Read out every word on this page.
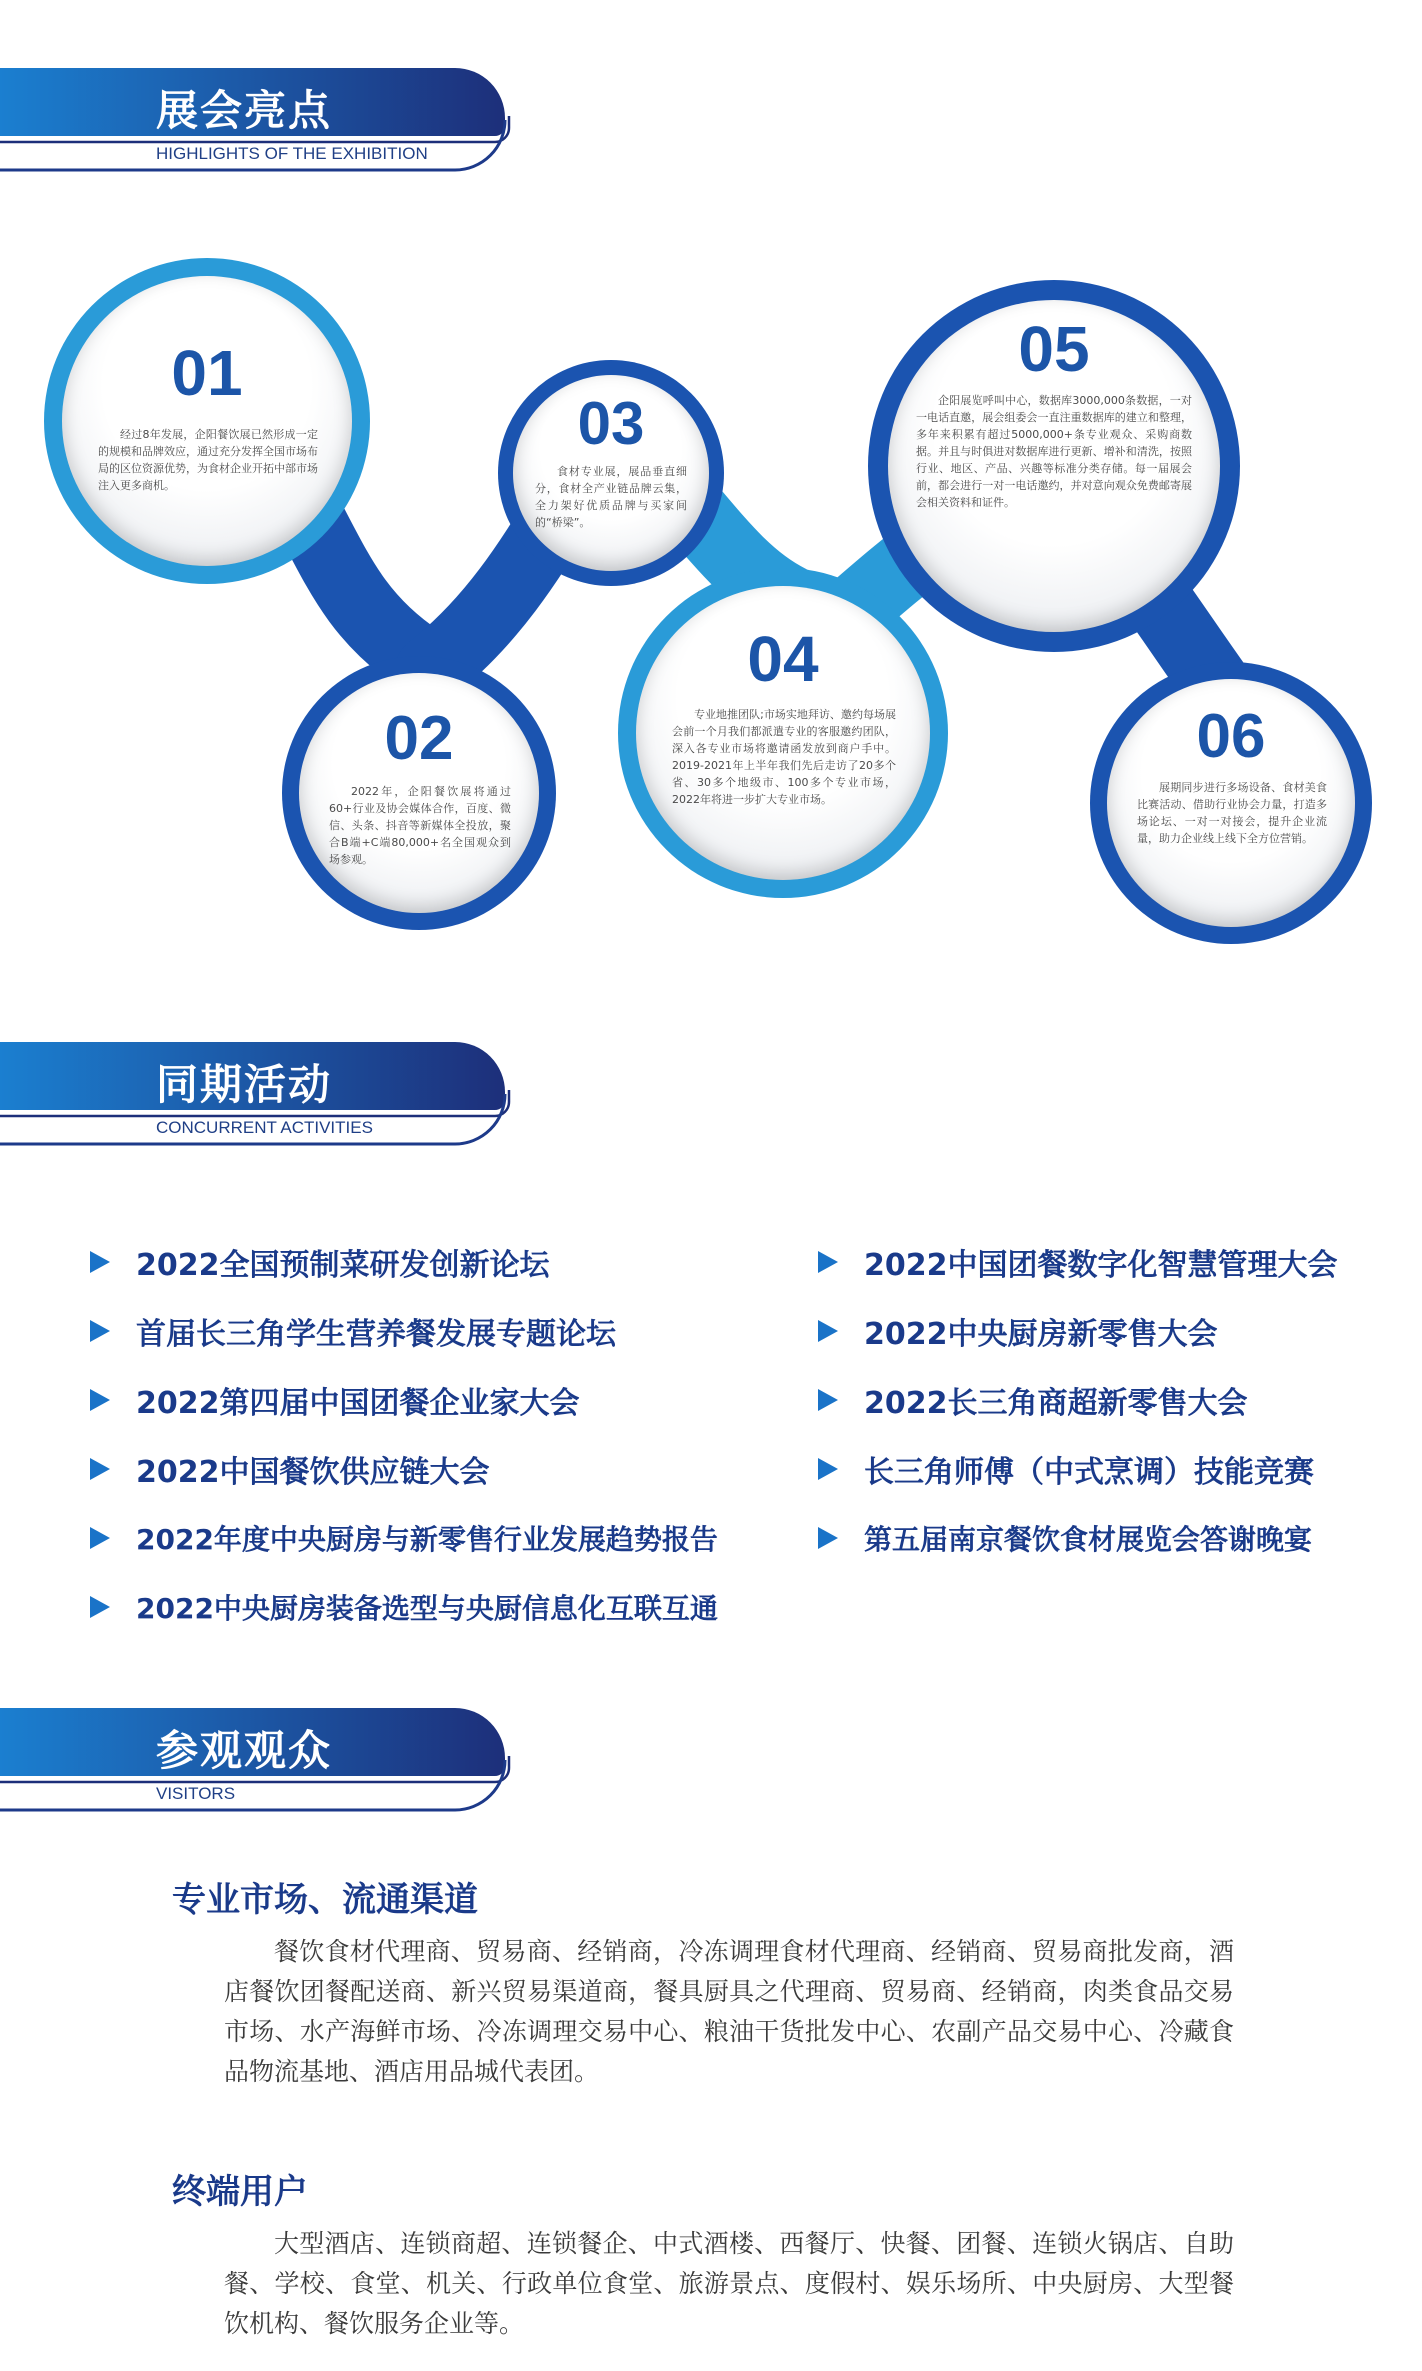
展会亮点
HIGHLIGHTS OF THE EXHIBITION
01
经过8年发展，企阳餐饮展已然形成一定的规模和品牌效应，通过充分发挥全国市场布局的区位资源优势，为食材企业开拓中部市场注入更多商机。
02
2022年，企阳餐饮展将通过60+行业及协会媒体合作，百度、微信、头条、抖音等新媒体全投放，聚合B端+C端80,000+名全国观众到场参观。
03
食材专业展，展品垂直细分，食材全产业链品牌云集，全力架好优质品牌与买家间的“桥梁”。
04
专业地推团队;市场实地拜访、邀约每场展会前一个月我们都派遣专业的客服邀约团队，深入各专业市场将邀请函发放到商户手中。2019-2021年上半年我们先后走访了20多个省、30多个地级市、100多个专业市场，2022年将进一步扩大专业市场。
05
企阳展览呼叫中心，数据库3000,000条数据，一对一电话直邀，展会组委会一直注重数据库的建立和整理，多年来积累有超过5000,000+条专业观众、采购商数据。并且与时俱进对数据库进行更新、增补和清洗，按照行业、地区、产品、兴趣等标准分类存储。每一届展会前，都会进行一对一电话邀约，并对意向观众免费邮寄展会相关资料和证件。
06
展期同步进行多场设备、食材美食比赛活动、借助行业协会力量，打造多场论坛、一对一对接会，提升企业流量，助力企业线上线下全方位营销。
同期活动
CONCURRENT ACTIVITIES
2022全国预制菜研发创新论坛
首届长三角学生营养餐发展专题论坛
2022第四届中国团餐企业家大会
2022中国餐饮供应链大会
2022年度中央厨房与新零售行业发展趋势报告
2022中央厨房装备选型与央厨信息化互联互通
2022中国团餐数字化智慧管理大会
2022中央厨房新零售大会
2022长三角商超新零售大会
长三角师傅（中式烹调）技能竞赛
第五届南京餐饮食材展览会答谢晚宴
参观观众
VISITORS
专业市场、流通渠道
餐饮食材代理商、贸易商、经销商，冷冻调理食材代理商、经销商、贸易商批发商，酒店餐饮团餐配送商、新兴贸易渠道商，餐具厨具之代理商、贸易商、经销商，肉类食品交易市场、水产海鲜市场、冷冻调理交易中心、粮油干货批发中心、农副产品交易中心、冷藏食品物流基地、酒店用品城代表团。
终端用户
大型酒店、连锁商超、连锁餐企、中式酒楼、西餐厅、快餐、团餐、连锁火锅店、自助餐、学校、食堂、机关、行政单位食堂、旅游景点、度假村、娱乐场所、中央厨房、大型餐饮机构、餐饮服务企业等。
